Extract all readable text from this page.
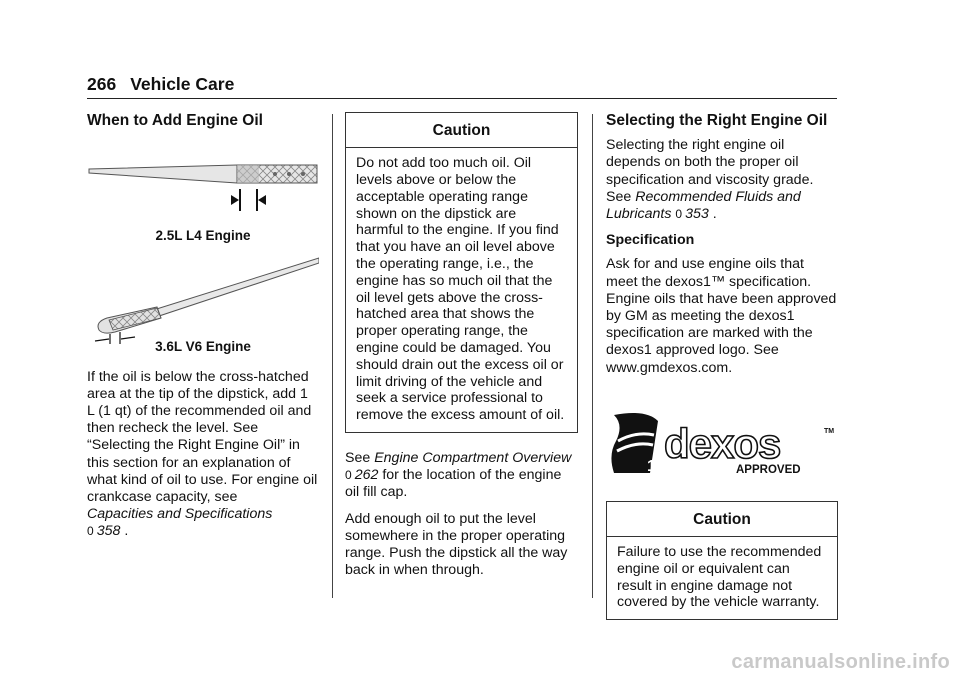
266 Vehicle Care
When to Add Engine Oil
2.5L L4 Engine
3.6L V6 Engine

If the oil is below the cross-hatched area at the tip of the dipstick, add 1 L (1 qt) of the recommended oil and then recheck the level. See “Selecting the Right Engine Oil” in this section for an explanation of what kind of oil to use. For engine oil crankcase capacity, see
Capacities and Specifications
0 358 .

Caution
Do not add too much oil. Oil levels above or below the acceptable operating range shown on the dipstick are harmful to the engine. If you find that you have an oil level above the operating range, i.e., the engine has so much oil that the oil level gets above the cross-hatched area that shows the proper operating range, the engine could be damaged. You should drain out the excess oil or limit driving of the vehicle and seek a service professional to remove the excess amount of oil.

See Engine Compartment Overview
0 262 for the location of the engine oil fill cap.

Add enough oil to put the level somewhere in the proper operating range. Push the dipstick all the way back in when through.

Selecting the Right Engine Oil

Selecting the right engine oil depends on both the proper oil specification and viscosity grade. See Recommended Fluids and Lubricants 0 353 .

Specification

Ask for and use engine oils that meet the dexos1™ specification. Engine oils that have been approved by GM as meeting the dexos1 specification are marked with the dexos1 approved logo. See www.gmdexos.com.

1 dexos	TM
APPROVED
Caution
Failure to use the recommended engine oil or equivalent can result in engine damage not covered by the vehicle warranty.
carmanualsonline.info
